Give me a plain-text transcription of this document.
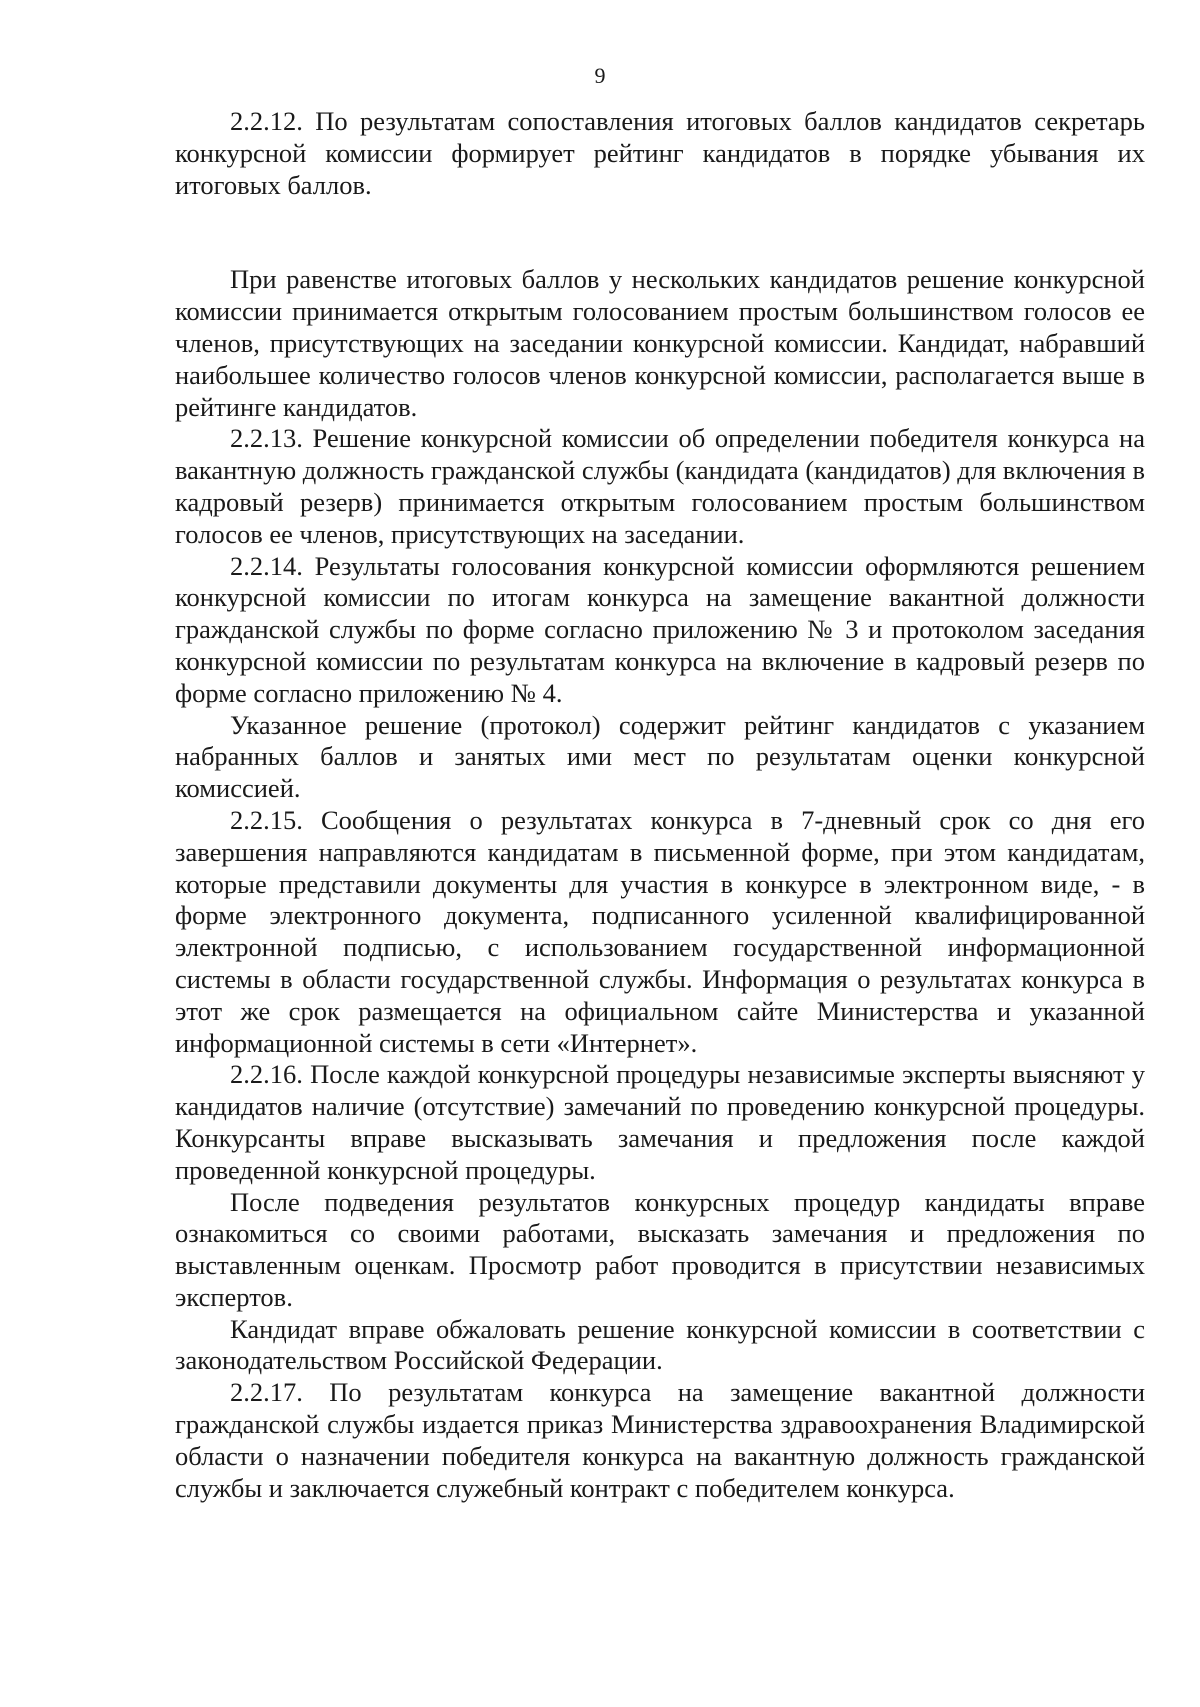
9

2.2.12. По результатам сопоставления итоговых баллов кандидатов секретарь конкурсной комиссии формирует рейтинг кандидатов в порядке убывания их итоговых баллов.

При равенстве итоговых баллов у нескольких кандидатов решение конкурсной комиссии принимается открытым голосованием простым большинством голосов ее членов, присутствующих на заседании конкурсной комиссии. Кандидат, набравший наибольшее количество голосов членов конкурсной комиссии, располагается выше в рейтинге кандидатов.

2.2.13. Решение конкурсной комиссии об определении победителя конкурса на вакантную должность гражданской службы (кандидата (кандидатов) для включения в кадровый резерв) принимается открытым голосованием простым большинством голосов ее членов, присутствующих на заседании.

2.2.14. Результаты голосования конкурсной комиссии оформляются решением конкурсной комиссии по итогам конкурса на замещение вакантной должности гражданской службы по форме согласно приложению № 3 и протоколом заседания конкурсной комиссии по результатам конкурса на включение в кадровый резерв по форме согласно приложению № 4.

Указанное решение (протокол) содержит рейтинг кандидатов с указанием набранных баллов и занятых ими мест по результатам оценки конкурсной комиссией.

2.2.15. Сообщения о результатах конкурса в 7-дневный срок со дня его завершения направляются кандидатам в письменной форме, при этом кандидатам, которые представили документы для участия в конкурсе в электронном виде, - в форме электронного документа, подписанного усиленной квалифицированной электронной подписью, с использованием государственной информационной системы в области государственной службы. Информация о результатах конкурса в этот же срок размещается на официальном сайте Министерства и указанной информационной системы в сети «Интернет».

2.2.16. После каждой конкурсной процедуры независимые эксперты выясняют у кандидатов наличие (отсутствие) замечаний по проведению конкурсной процедуры. Конкурсанты вправе высказывать замечания и предложения после каждой проведенной конкурсной процедуры.

После подведения результатов конкурсных процедур кандидаты вправе ознакомиться со своими работами, высказать замечания и предложения по выставленным оценкам. Просмотр работ проводится в присутствии независимых экспертов.

Кандидат вправе обжаловать решение конкурсной комиссии в соответствии с законодательством Российской Федерации.

2.2.17. По результатам конкурса на замещение вакантной должности гражданской службы издается приказ Министерства здравоохранения Владимирской области о назначении победителя конкурса на вакантную должность гражданской службы и заключается служебный контракт с победителем конкурса.
